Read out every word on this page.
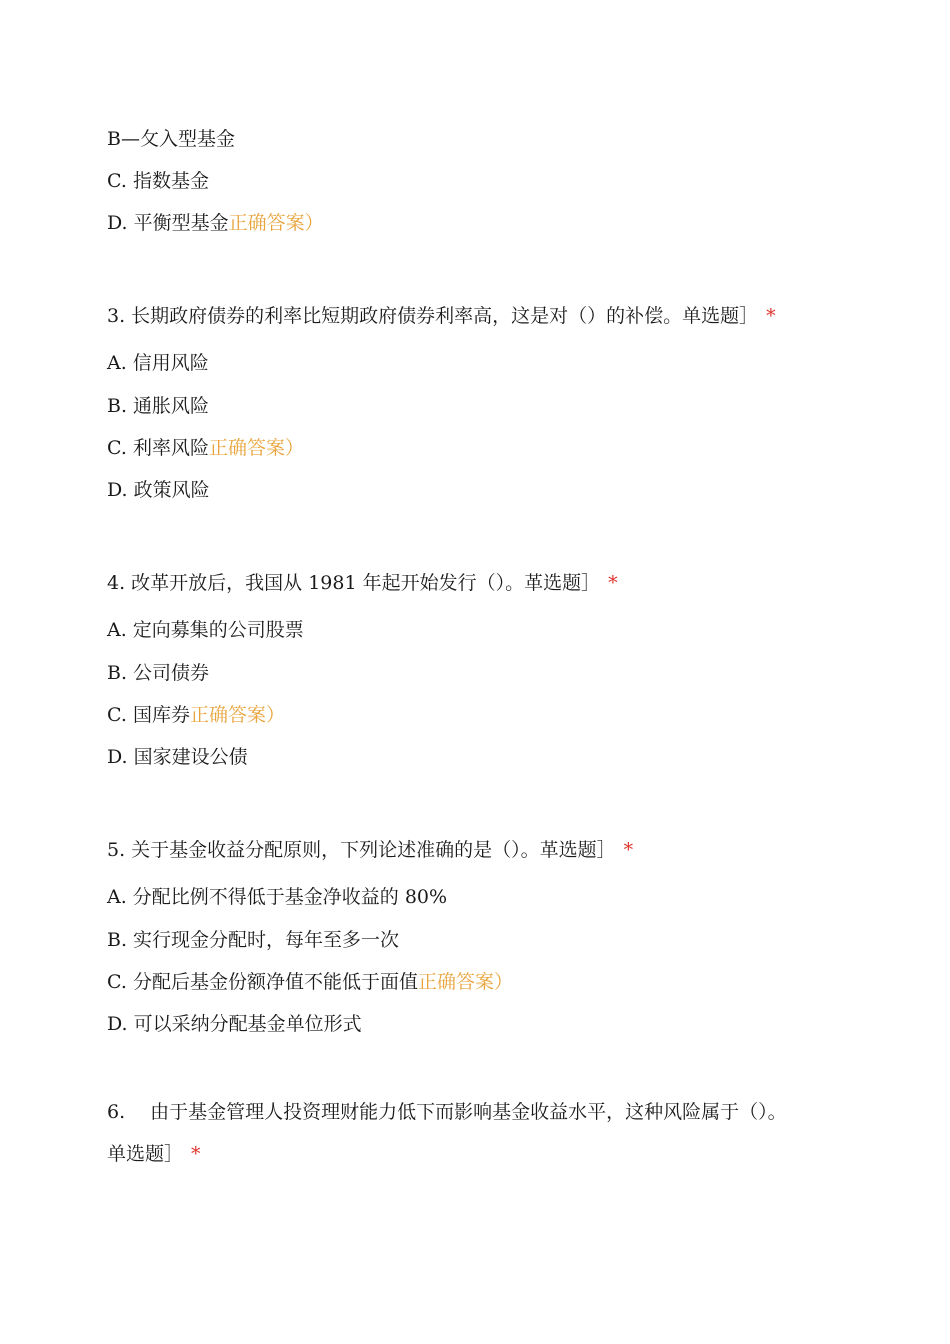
B—攵入型基金
C. 指数基金
D. 平衡型基金正确答案）
3. 长期政府债券的利率比短期政府债券利率高，这是对（）的补偿。单选题］ *
A. 信用风险
B. 通胀风险
C. 利率风险正确答案）
D. 政策风险
4. 改革开放后，我国从 1981 年起开始发行（）。革选题］ *
A. 定向募集的公司股票
B. 公司债券
C. 国库券正确答案）
D. 国家建设公债
5. 关于基金收益分配原则，下列论述准确的是（）。革选题］ *
A. 分配比例不得低于基金净收益的 80%
B. 实行现金分配时，每年至多一次
C. 分配后基金份额净值不能低于面值正确答案）
D. 可以采纳分配基金单位形式
6.　 由于基金管理人投资理财能力低下而影响基金收益水平，这种风险属于（）。
单选题］ *
